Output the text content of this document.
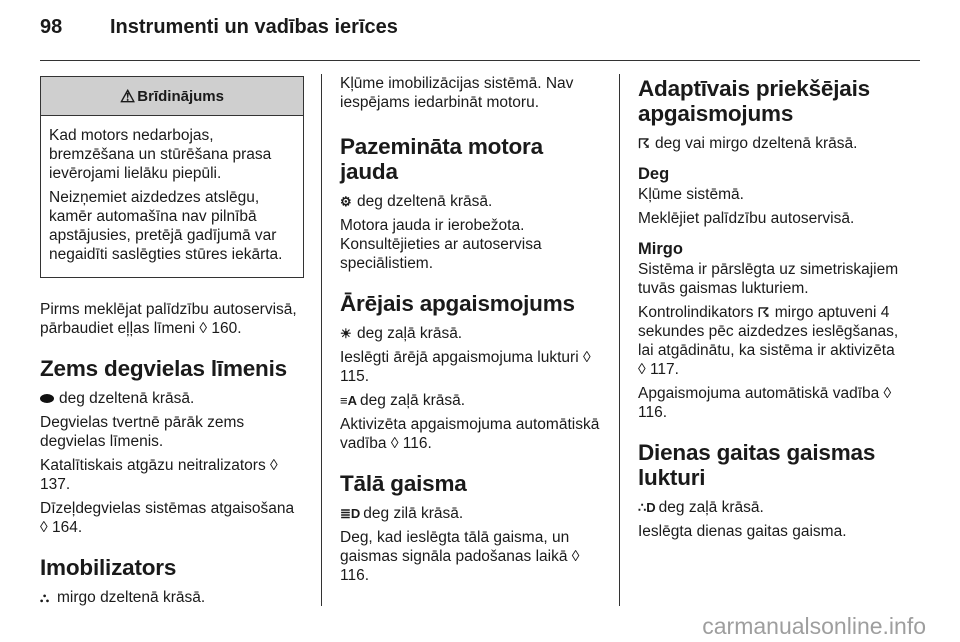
98 Instrumenti un vadības ierīces
⚠ Brīdinājums

Kad motors nedarbojas, bremzēšana un stūrēšana prasa ievērojami lielāku piepūli.

Neizņemiet aizdedzes atslēgu, kamēr automašīna nav pilnībā apstājusies, pretējā gadījumā var negaidīti saslēgties stūres iekārta.

Pirms meklējat palīdzību autoservisā, pārbaudiet eļļas līmeni ◊ 160.

Zems degvielas līmenis

deg dzeltenā krāsā.

Degvielas tvertnē pārāk zems degvielas līmenis.

Katalītiskais atgāzu neitralizators ◊ 137.

Dīzeļdegvielas sistēmas atgaisošana ◊ 164.

Imobilizators

⛬ mirgo dzeltenā krāsā.

Kļūme imobilizācijas sistēmā. Nav iespējams iedarbināt motoru.

Pazemināta motora jauda

⚙ deg dzeltenā krāsā.

Motora jauda ir ierobežota. Konsultējieties ar autoservisa speciālistiem.

Ārējais apgaismojums

☀ deg zaļā krāsā.

Ieslēgti ārējā apgaismojuma lukturi ◊ 115.

≡A deg zaļā krāsā.

Aktivizēta apgaismojuma automātiskā vadība ◊ 116.

Tālā gaisma

≣D deg zilā krāsā.

Deg, kad ieslēgta tālā gaisma, un gaismas signāla padošanas laikā ◊ 116.

Adaptīvais priekšējais apgaismojums

☈ deg vai mirgo dzeltenā krāsā.

Deg

Kļūme sistēmā.

Meklējiet palīdzību autoservisā.

Mirgo

Sistēma ir pārslēgta uz simetriskajiem tuvās gaismas lukturiem.

Kontrolindikators ☈ mirgo aptuveni 4 sekundes pēc aizdedzes ieslēgšanas, lai atgādinātu, ka sistēma ir aktivizēta ◊ 117.

Apgaismojuma automātiskā vadība ◊ 116.

Dienas gaitas gaismas lukturi

∴D deg zaļā krāsā.

Ieslēgta dienas gaitas gaisma.

carmanualsonline.info
